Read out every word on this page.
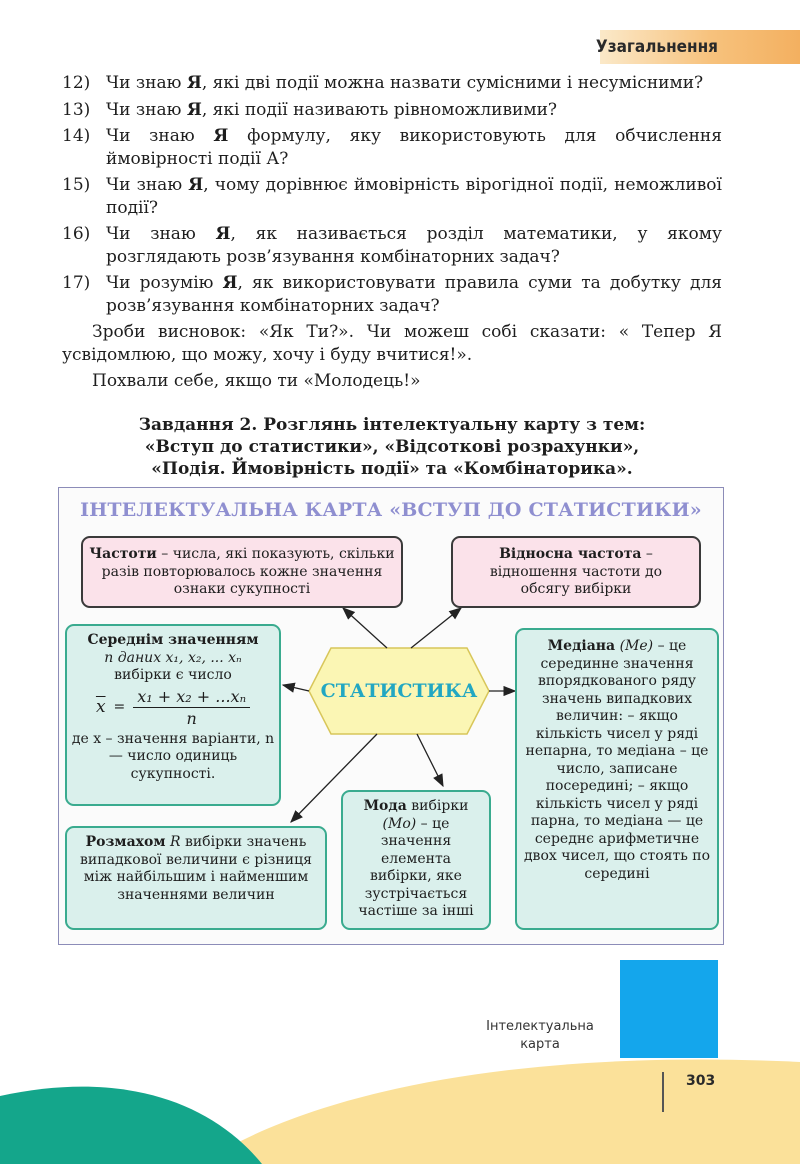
Узагальнення
12) Чи знаю Я, які дві події можна назвати сумісними і несумісними?
13) Чи знаю Я, які події називають рівноможливими?
14) Чи знаю Я формулу, яку використовують для обчислення ймовірності події А?
15) Чи знаю Я, чому дорівнює ймовірність вірогідної події, неможливої події?
16) Чи знаю Я, як називається розділ математики, у якому розглядають розв’язування комбінаторних задач?
17) Чи розумію Я, як використовувати правила суми та добутку для розв’язування комбінаторних задач?

Зроби висновок: «Як Ти?». Чи можеш собі сказати: « Тепер Я усвідомлюю, що можу, хочу і буду вчитися!».

Похвали себе, якщо ти «Молодець!»

Завдання 2. Розглянь інтелектуальну карту з тем:
«Вступ до статистики», «Відсоткові розрахунки»,
«Подія. Ймовірність події» та «Комбінаторика».
ІНТЕЛЕКТУАЛЬНА КАРТА «ВСТУП ДО СТАТИСТИКИ»
СТАТИСТИКА
Частоти – числа, які показують, скільки разів повторювалось кожне значення ознаки сукупності
Відносна частота – відношення частоти до обсягу вибірки
Середнім значенням
n даних x₁, x₂, ... xₙ
вибірки є число
$\overline{x} = \frac{\text{x₁ + x₂ + ...xₙ}}{n}$
де x – значення варіанти, n — число одиниць сукупності.
Медіана (Ме) – це серединне значення впорядкованого ряду значень випадкових величин: – якщо кількість чисел у ряді непарна, то медіана – це число, записане посередині; – якщо кількість чисел у ряді парна, то медіана — це середнє арифметичне двох чисел, що стоять по середині
Мода вибірки
(Мо) – це значення елемента вибірки, яке зустрічається частіше за інші
Розмахом R вибірки значень випадкової величини є різниця між найбільшим і найменшим значеннями величин
Інтелектуальна карта
303
